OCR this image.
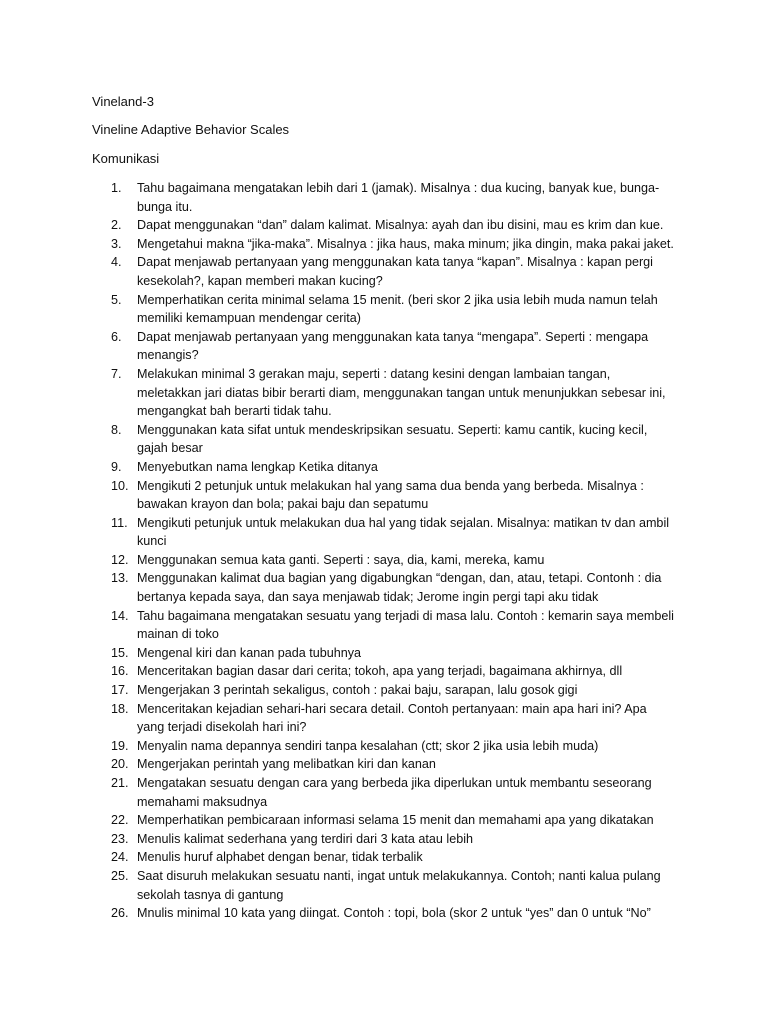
Vineland-3
Vineline Adaptive Behavior Scales
Komunikasi
1.	Tahu bagaimana mengatakan lebih dari 1 (jamak). Misalnya : dua kucing, banyak kue, bunga-bunga itu.
2.	Dapat menggunakan “dan” dalam kalimat. Misalnya: ayah dan ibu disini, mau es krim dan kue.
3.	Mengetahui makna “jika-maka”. Misalnya : jika haus, maka minum; jika dingin, maka pakai jaket.
4.	Dapat menjawab pertanyaan yang menggunakan kata tanya “kapan”. Misalnya : kapan pergi kesekolah?, kapan memberi makan kucing?
5.	Memperhatikan cerita minimal selama 15 menit. (beri skor 2 jika usia lebih muda namun telah memiliki kemampuan mendengar cerita)
6.	Dapat menjawab pertanyaan yang menggunakan kata tanya “mengapa”. Seperti : mengapa menangis?
7.	Melakukan minimal 3 gerakan maju, seperti : datang kesini dengan lambaian tangan, meletakkan jari diatas bibir berarti diam, menggunakan tangan untuk menunjukkan sebesar ini, mengangkat bah berarti tidak tahu.
8.	Menggunakan kata sifat untuk mendeskripsikan sesuatu. Seperti: kamu cantik, kucing kecil, gajah besar
9.	Menyebutkan nama lengkap Ketika ditanya
10. Mengikuti 2 petunjuk untuk melakukan hal yang sama dua benda yang berbeda. Misalnya : bawakan krayon dan bola; pakai baju dan sepatumu
11. Mengikuti petunjuk untuk melakukan dua hal yang tidak sejalan. Misalnya: matikan tv dan ambil kunci
12. Menggunakan semua kata ganti. Seperti : saya, dia, kami, mereka, kamu
13. Menggunakan kalimat dua bagian yang digabungkan “dengan, dan, atau, tetapi. Contonh : dia bertanya kepada saya, dan saya menjawab tidak; Jerome ingin pergi tapi aku tidak
14. Tahu bagaimana mengatakan sesuatu yang terjadi di masa lalu. Contoh : kemarin saya membeli mainan di toko
15. Mengenal kiri dan kanan pada tubuhnya
16. Menceritakan bagian dasar dari cerita; tokoh, apa yang terjadi, bagaimana akhirnya, dll
17. Mengerjakan 3 perintah sekaligus, contoh : pakai baju, sarapan, lalu gosok gigi
18. Menceritakan kejadian sehari-hari secara detail. Contoh pertanyaan: main apa hari ini? Apa yang terjadi disekolah hari ini?
19. Menyalin nama depannya sendiri tanpa kesalahan (ctt; skor 2 jika usia lebih muda)
20. Mengerjakan perintah yang melibatkan kiri dan kanan
21. Mengatakan sesuatu dengan cara yang berbeda jika diperlukan untuk membantu seseorang memahami maksudnya
22. Memperhatikan pembicaraan informasi selama 15 menit dan memahami apa yang dikatakan
23. Menulis kalimat sederhana yang terdiri dari 3 kata atau lebih
24. Menulis huruf alphabet dengan benar, tidak terbalik
25. Saat disuruh melakukan sesuatu nanti, ingat untuk melakukannya. Contoh; nanti kalua pulang sekolah tasnya di gantung
26. Mnulis minimal 10 kata yang diingat. Contoh : topi, bola (skor 2 untuk “yes” dan 0 untuk “No”
